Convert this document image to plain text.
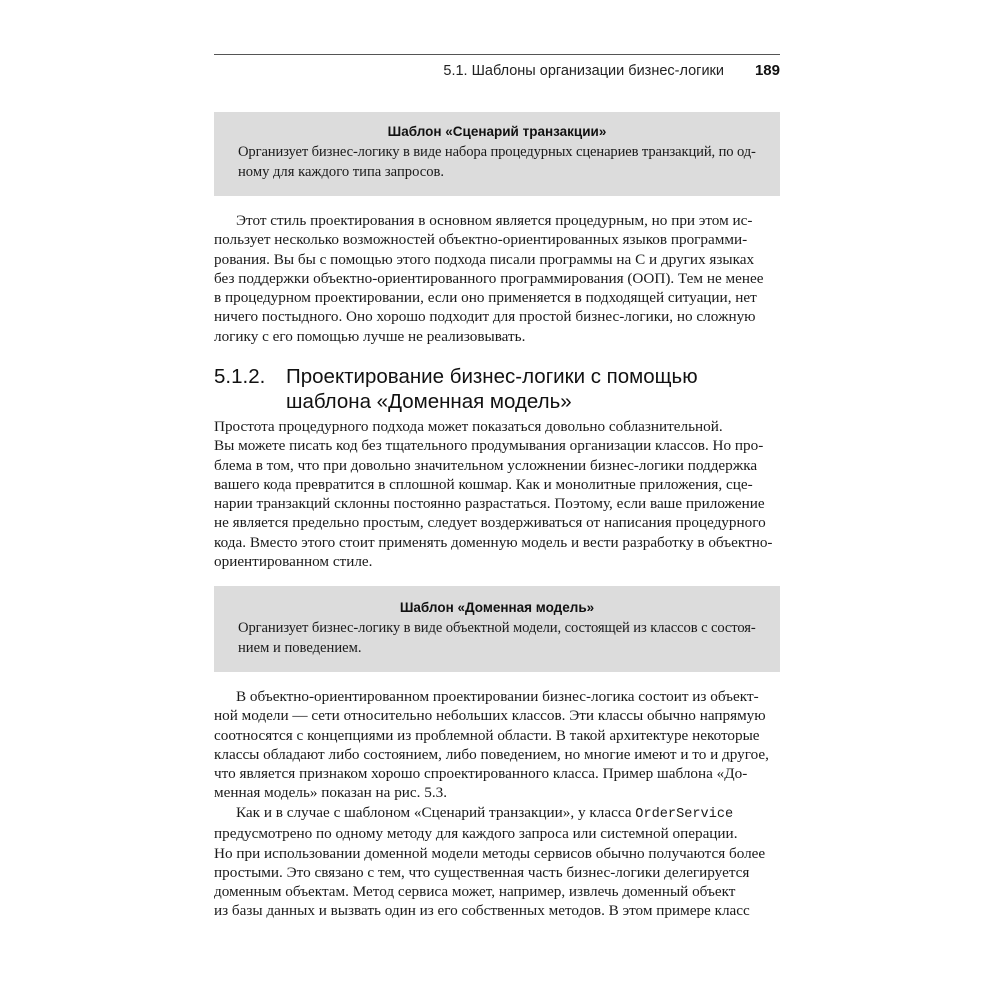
5.1. Шаблоны организации бизнес-логики 189
Шаблон «Сценарий транзакции»
Организует бизнес-логику в виде набора процедурных сценариев транзакций, по од-
ному для каждого типа запросов.
Этот стиль проектирования в основном является процедурным, но при этом ис-
пользует несколько возможностей объектно-ориентированных языков программи-
рования. Вы бы с помощью этого подхода писали программы на С и других языках
без поддержки объектно-ориентированного программирования (ООП). Тем не менее
в процедурном проектировании, если оно применяется в подходящей ситуации, нет
ничего постыдного. Оно хорошо подходит для простой бизнес-логики, но сложную
логику с его помощью лучше не реализовывать.
5.1.2. Проектирование бизнес-логики с помощью
шаблона «Доменная модель»
Простота процедурного подхода может показаться довольно соблазнительной.
Вы можете писать код без тщательного продумывания организации классов. Но про-
блема в том, что при довольно значительном усложнении бизнес-логики поддержка
вашего кода превратится в сплошной кошмар. Как и монолитные приложения, сце-
нарии транзакций склонны постоянно разрастаться. Поэтому, если ваше приложение
не является предельно простым, следует воздерживаться от написания процедурного
кода. Вместо этого стоит применять доменную модель и вести разработку в объектно-
ориентированном стиле.
Шаблон «Доменная модель»
Организует бизнес-логику в виде объектной модели, состоящей из классов с состоя-
нием и поведением.
В объектно-ориентированном проектировании бизнес-логика состоит из объект-
ной модели — сети относительно небольших классов. Эти классы обычно напрямую
соотносятся с концепциями из проблемной области. В такой архитектуре некоторые
классы обладают либо состоянием, либо поведением, но многие имеют и то и другое,
что является признаком хорошо спроектированного класса. Пример шаблона «До-
менная модель» показан на рис. 5.3.
Как и в случае с шаблоном «Сценарий транзакции», у класса OrderService
предусмотрено по одному методу для каждого запроса или системной операции.
Но при использовании доменной модели методы сервисов обычно получаются более
простыми. Это связано с тем, что существенная часть бизнес-логики делегируется
доменным объектам. Метод сервиса может, например, извлечь доменный объект
из базы данных и вызвать один из его собственных методов. В этом примере класс
